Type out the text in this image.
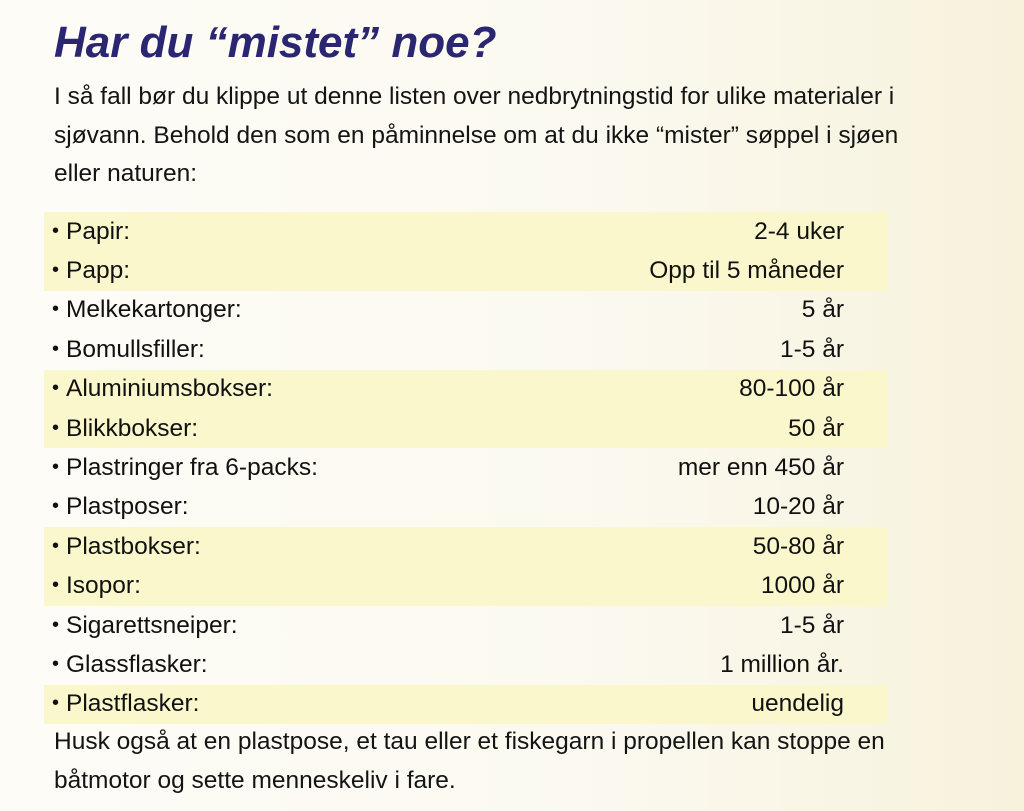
Har du “mistet” noe?

I så fall bør du klippe ut denne listen over nedbrytningstid for ulike materialer i sjøvann. Behold den som en påminnelse om at du ikke “mister” søppel i sjøen eller naturen:

• Papir:	2-4 uker
• Papp:	Opp til 5 måneder
• Melkekartonger:	5 år
• Bomullsfiller:	1-5 år
• Aluminiumsbokser:	80-100 år
• Blikkbokser:	50 år
• Plastringer fra 6-packs:	mer enn 450 år
• Plastposer:	10-20 år
• Plastbokser:	50-80 år
• Isopor:	1000 år
• Sigarettsneiper:	1-5 år
• Glassflasker:	1 million år.
• Plastflasker:	uendelig

Husk også at en plastpose, et tau eller et fiskegarn i propellen kan stoppe en båtmotor og sette menneskeliv i fare.
